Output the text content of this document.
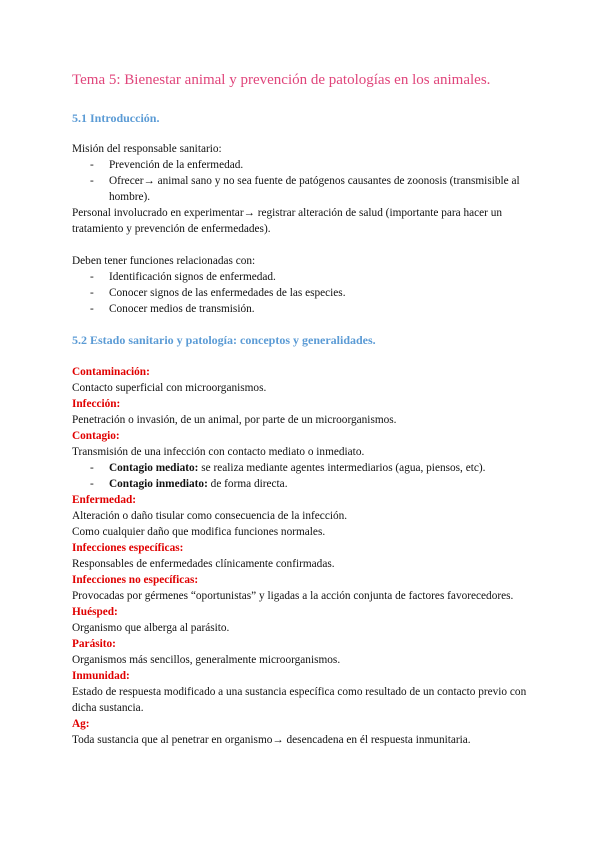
Tema 5: Bienestar animal y prevención de patologías en los animales.
5.1 Introducción.

Misión del responsable sanitario:

- Prevención de la enfermedad.
- Ofrecer→ animal sano y no sea fuente de patógenos causantes de zoonosis (transmisible al hombre).

Personal involucrado en experimentar→ registrar alteración de salud (importante para hacer un tratamiento y prevención de enfermedades).

Deben tener funciones relacionadas con:

- Identificación signos de enfermedad.
- Conocer signos de las enfermedades de las especies.
- Conocer medios de transmisión.
5.2 Estado sanitario y patología: conceptos y generalidades.

Contaminación:

Contacto superficial con microorganismos.

Infección:

Penetración o invasión, de un animal, por parte de un microorganismos.

Contagio:

Transmisión de una infección con contacto mediato o inmediato.

- Contagio mediato: se realiza mediante agentes intermediarios (agua, piensos, etc).
- Contagio inmediato: de forma directa.

Enfermedad:

Alteración o daño tisular como consecuencia de la infección.

Como cualquier daño que modifica funciones normales.

Infecciones específicas:

Responsables de enfermedades clínicamente confirmadas.

Infecciones no específicas:

Provocadas por gérmenes “oportunistas” y ligadas a la acción conjunta de factores favorecedores.

Huésped:

Organismo que alberga al parásito.

Parásito:

Organismos más sencillos, generalmente microorganismos.

Inmunidad:

Estado de respuesta modificado a una sustancia específica como resultado de un contacto previo con dicha sustancia.

Ag:

Toda sustancia que al penetrar en organismo→ desencadena en él respuesta inmunitaria.
